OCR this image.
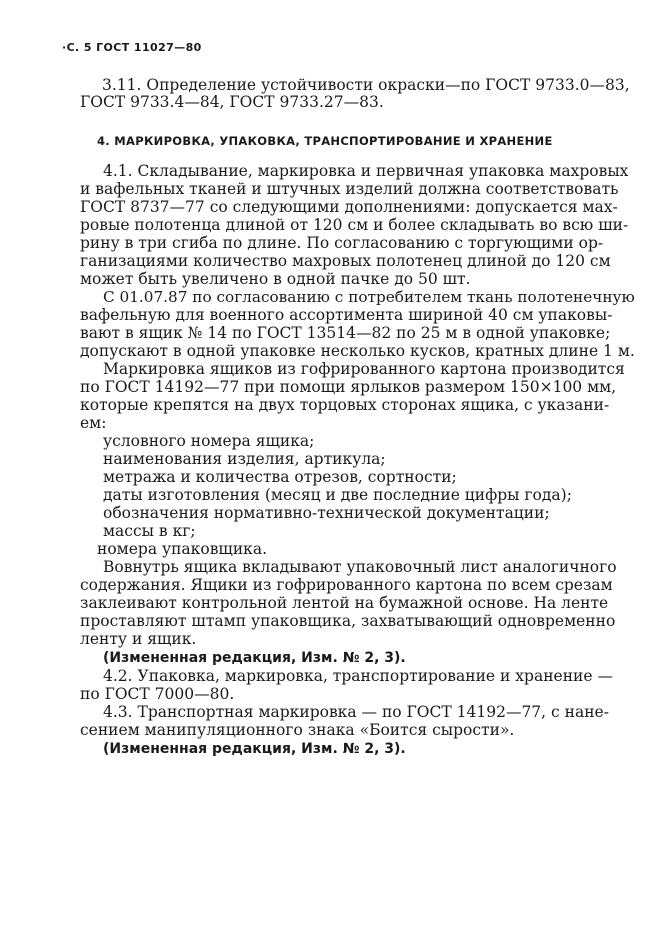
·С. 5 ГОСТ 11027—80
3.11. Определение устойчивости окраски—по ГОСТ 9733.0—83,
ГОСТ 9733.4—84, ГОСТ 9733.27—83.
4. МАРКИРОВКА, УПАКОВКА, ТРАНСПОРТИРОВАНИЕ И ХРАНЕНИЕ
4.1. Складывание, маркировка и первичная упаковка махровых
и вафельных тканей и штучных изделий должна соответствовать
ГОСТ 8737—77 со следующими дополнениями: допускается мах-
ровые полотенца длиной от 120 см и более складывать во всю ши-
рину в три сгиба по длине. По согласованию с торгующими ор-
ганизациями количество махровых полотенец длиной до 120 см
может быть увеличено в одной пачке до 50 шт.
С 01.07.87 по согласованию с потребителем ткань полотенечную
вафельную для военного ассортимента шириной 40 см упаковы-
вают в ящик № 14 по ГОСТ 13514—82 по 25 м в одной упаковке;
допускают в одной упаковке несколько кусков, кратных длине 1 м.
Маркировка ящиков из гофрированного картона производится
по ГОСТ 14192—77 при помощи ярлыков размером 150×100 мм,
которые крепятся на двух торцовых сторонах ящика, с указани-
ем:
условного номера ящика;
наименования изделия, артикула;
метража и количества отрезов, сортности;
даты изготовления (месяц и две последние цифры года);
обозначения нормативно-технической документации;
массы в кг;
номера упаковщика.
Вовнутрь ящика вкладывают упаковочный лист аналогичного
содержания. Ящики из гофрированного картона по всем срезам
заклеивают контрольной лентой на бумажной основе. На ленте
проставляют штамп упаковщика, захватывающий одновременно
ленту и ящик.
(Измененная редакция, Изм. № 2, 3).
4.2. Упаковка, маркировка, транспортирование и хранение —
по ГОСТ 7000—80.
4.3. Транспортная маркировка — по ГОСТ 14192—77, с нане-
сением манипуляционного знака «Боится сырости».
(Измененная редакция, Изм. № 2, 3).
